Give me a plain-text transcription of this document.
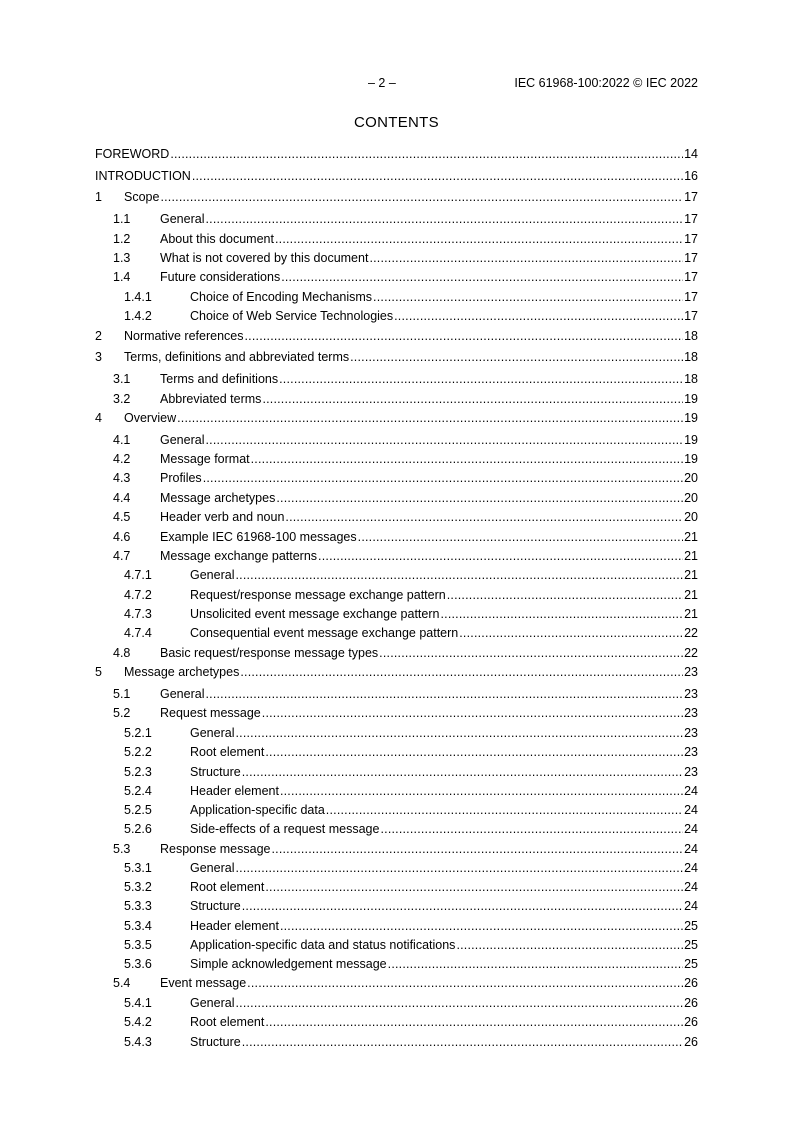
– 2 –	IEC 61968-100:2022 © IEC 2022
CONTENTS
FOREWORD .....	14
INTRODUCTION .....	16
1 Scope .....	17
1.1 General .....	17
1.2 About this document .....	17
1.3 What is not covered by this document .....	17
1.4 Future considerations .....	17
1.4.1	Choice of Encoding Mechanisms .....	17
1.4.2	Choice of Web Service Technologies .....	17
2 Normative references .....	18
3 Terms, definitions and abbreviated terms .....	18
3.1 Terms and definitions .....	18
3.2 Abbreviated terms .....	19
4 Overview .....	19
4.1 General .....	19
4.2 Message format .....	19
4.3 Profiles .....	20
4.4 Message archetypes .....	20
4.5 Header verb and noun .....	20
4.6 Example IEC 61968-100 messages .....	21
4.7 Message exchange patterns .....	21
4.7.1	General .....	21
4.7.2	Request/response message exchange pattern .....	21
4.7.3	Unsolicited event message exchange pattern .....	21
4.7.4	Consequential event message exchange pattern .....	22
4.8 Basic request/response message types .....	22
5 Message archetypes .....	23
5.1 General .....	23
5.2 Request message .....	23
5.2.1	General .....	23
5.2.2	Root element .....	23
5.2.3	Structure .....	23
5.2.4	Header element .....	24
5.2.5	Application-specific data .....	24
5.2.6	Side-effects of a request message .....	24
5.3 Response message .....	24
5.3.1	General .....	24
5.3.2	Root element .....	24
5.3.3	Structure .....	24
5.3.4	Header element .....	25
5.3.5	Application-specific data and status notifications .....	25
5.3.6	Simple acknowledgement message .....	25
5.4 Event message .....	26
5.4.1	General .....	26
5.4.2	Root element .....	26
5.4.3	Structure .....	26
